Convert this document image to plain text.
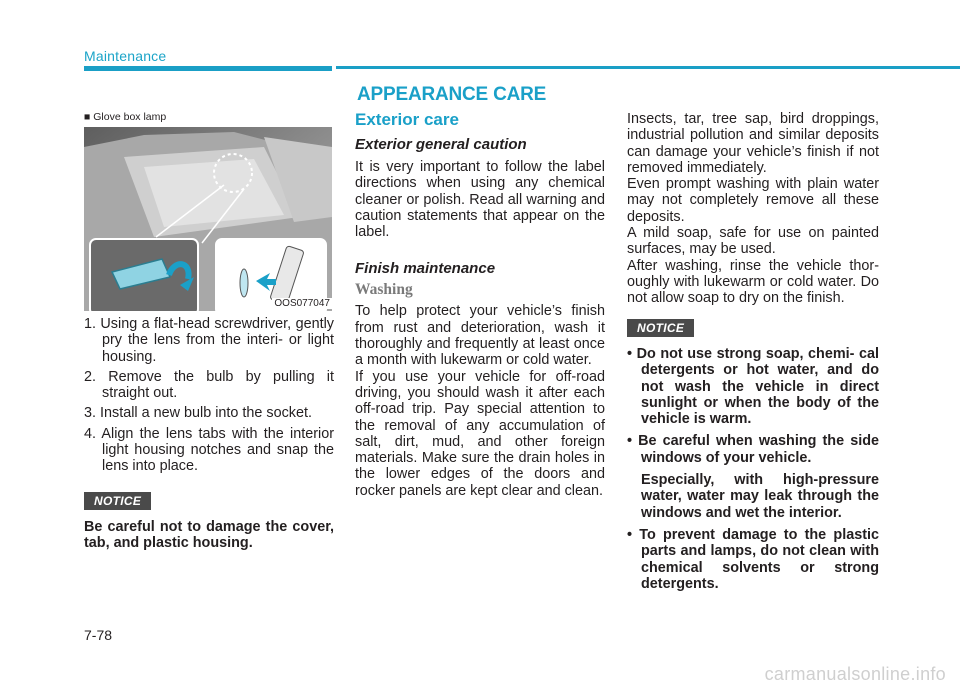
Maintenance
■ Glove box lamp
OOS077047
1. Using a flat-head screwdriver, gently pry the lens from the interi- or light housing.
2. Remove the bulb by pulling it straight out.
3. Install a new bulb into the socket.
4. Align the lens tabs with the interior light housing notches and snap the lens into place.
NOTICE

Be careful not to damage the cover, tab, and plastic housing.

APPEARANCE CARE
Exterior care

Exterior general caution

It is very important to follow the label directions when using any chemical cleaner or polish. Read all warning and caution statements that appear on the label.

Finish maintenance

Washing

To help protect your vehicle’s finish from rust and deterioration, wash it thoroughly and frequently at least once a month with lukewarm or cold water.

If you use your vehicle for off-road driving, you should wash it after each off-road trip. Pay special attention to the removal of any accumulation of salt, dirt, mud, and other foreign materials. Make sure the drain holes in the lower edges of the doors and rocker panels are kept clear and clean.

Insects, tar, tree sap, bird droppings, industrial pollution and similar deposits can damage your vehicle’s finish if not removed immediately.

Even prompt washing with plain water may not completely remove all these deposits.

A mild soap, safe for use on painted surfaces, may be used.

After washing, rinse the vehicle thor- oughly with lukewarm or cold water. Do not allow soap to dry on the finish.

NOTICE
• Do not use strong soap, chemi- cal detergents or hot water, and do not wash the vehicle in direct sunlight or when the body of the vehicle is warm.
• Be careful when washing the side windows of your vehicle.
Especially, with high-pressure water, water may leak through the windows and wet the interior.
• To prevent damage to the plastic parts and lamps, do not clean with chemical solvents or strong detergents.
7-78
carmanualsonline.info
